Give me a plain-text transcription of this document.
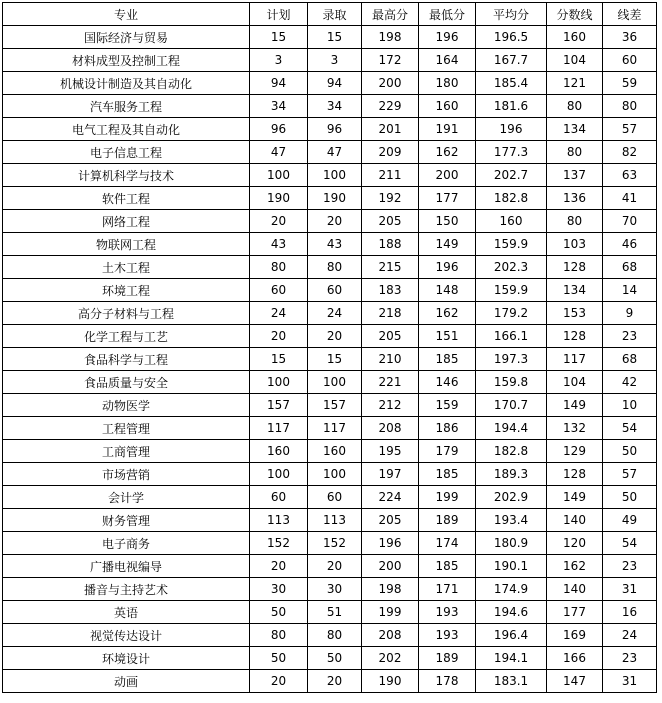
专业	计划	录取	最高分	最低分	平均分	分数线	线差
国际经济与贸易	15	15	198	196	196.5	160	36
材料成型及控制工程	3	3	172	164	167.7	104	60
机械设计制造及其自动化	94	94	200	180	185.4	121	59
汽车服务工程	34	34	229	160	181.6	80	80
电气工程及其自动化	96	96	201	191	196	134	57
电子信息工程	47	47	209	162	177.3	80	82
计算机科学与技术	100	100	211	200	202.7	137	63
软件工程	190	190	192	177	182.8	136	41
网络工程	20	20	205	150	160	80	70
物联网工程	43	43	188	149	159.9	103	46
土木工程	80	80	215	196	202.3	128	68
环境工程	60	60	183	148	159.9	134	14
高分子材料与工程	24	24	218	162	179.2	153	9
化学工程与工艺	20	20	205	151	166.1	128	23
食品科学与工程	15	15	210	185	197.3	117	68
食品质量与安全	100	100	221	146	159.8	104	42
动物医学	157	157	212	159	170.7	149	10
工程管理	117	117	208	186	194.4	132	54
工商管理	160	160	195	179	182.8	129	50
市场营销	100	100	197	185	189.3	128	57
会计学	60	60	224	199	202.9	149	50
财务管理	113	113	205	189	193.4	140	49
电子商务	152	152	196	174	180.9	120	54
广播电视编导	20	20	200	185	190.1	162	23
播音与主持艺术	30	30	198	171	174.9	140	31
英语	50	51	199	193	194.6	177	16
视觉传达设计	80	80	208	193	196.4	169	24
环境设计	50	50	202	189	194.1	166	23
动画	20	20	190	178	183.1	147	31
